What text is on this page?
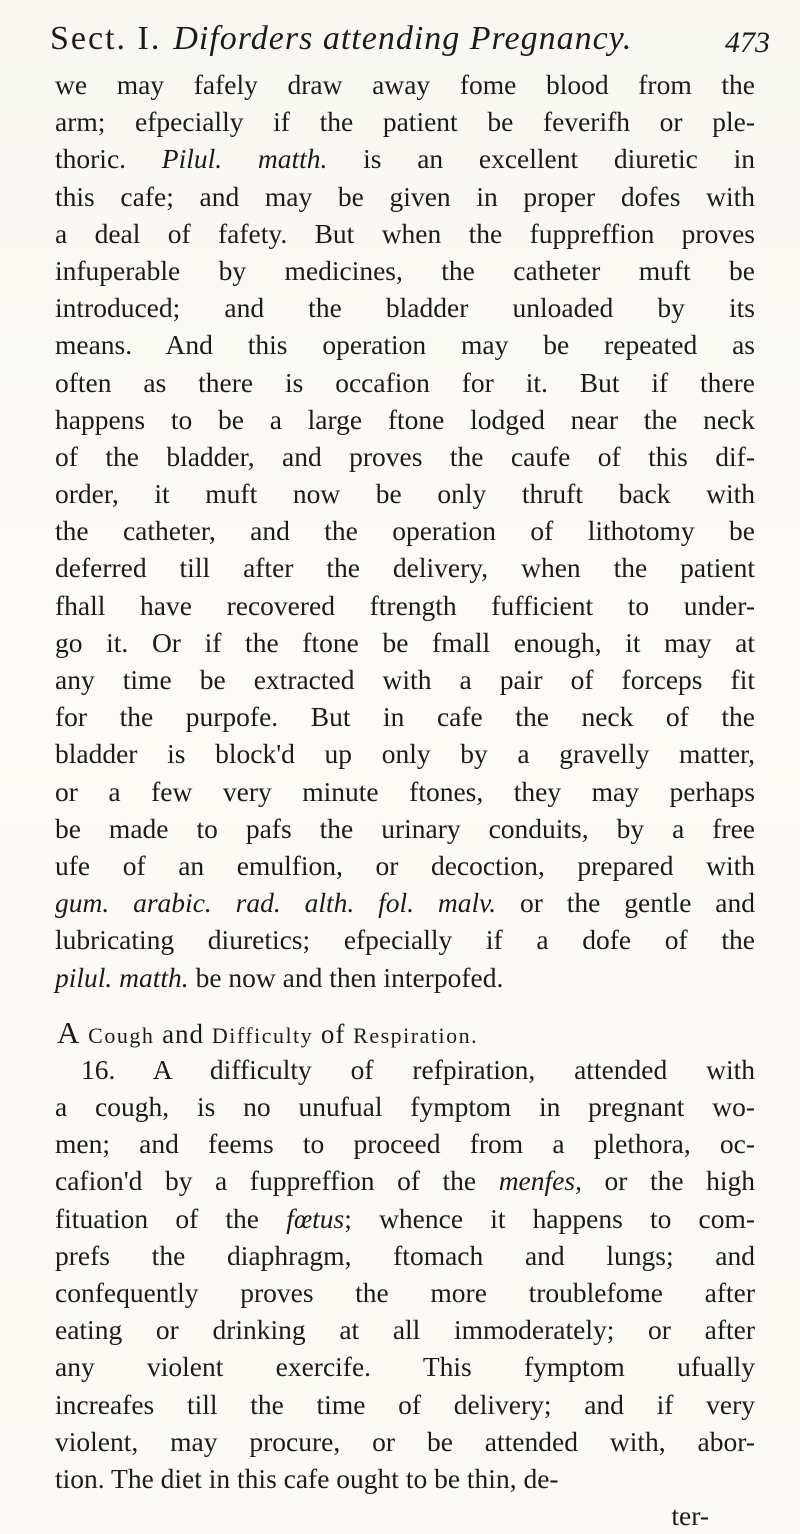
Sect. I. Diforders attending Pregnancy.	473
we may fafely draw away fome blood from the
arm; efpecially if the patient be feverifh or ple-
thoric. Pilul. matth. is an excellent diuretic in
this cafe; and may be given in proper dofes with
a deal of fafety. But when the fuppreffion proves
infuperable by medicines, the catheter muft be
introduced; and the bladder unloaded by its
means. And this operation may be repeated as
often as there is occafion for it. But if there
happens to be a large ftone lodged near the neck
of the bladder, and proves the caufe of this dif-
order, it muft now be only thruft back with
the catheter, and the operation of lithotomy be
deferred till after the delivery, when the patient
fhall have recovered ftrength fufficient to under-
go it. Or if the ftone be fmall enough, it may at
any time be extracted with a pair of forceps fit
for the purpofe. But in cafe the neck of the
bladder is block'd up only by a gravelly matter,
or a few very minute ftones, they may perhaps
be made to pafs the urinary conduits, by a free
ufe of an emulfion, or decoction, prepared with
gum. arabic. rad. alth. fol. malv. or the gentle and
lubricating diuretics; efpecially if a dofe of the
pilul. matth. be now and then interpofed.
A Cough and Difficulty of Respiration.
16. A difficulty of refpiration, attended with
a cough, is no unufual fymptom in pregnant wo-
men; and feems to proceed from a plethora, oc-
cafion'd by a fuppreffion of the menfes, or the high
fituation of the fœtus; whence it happens to com-
prefs the diaphragm, ftomach and lungs; and
confequently proves the more troublefome after
eating or drinking at all immoderately; or after
any violent exercife. This fymptom ufually
increafes till the time of delivery; and if very
violent, may procure, or be attended with, abor-
tion. The diet in this cafe ought to be thin, de-
ter-
